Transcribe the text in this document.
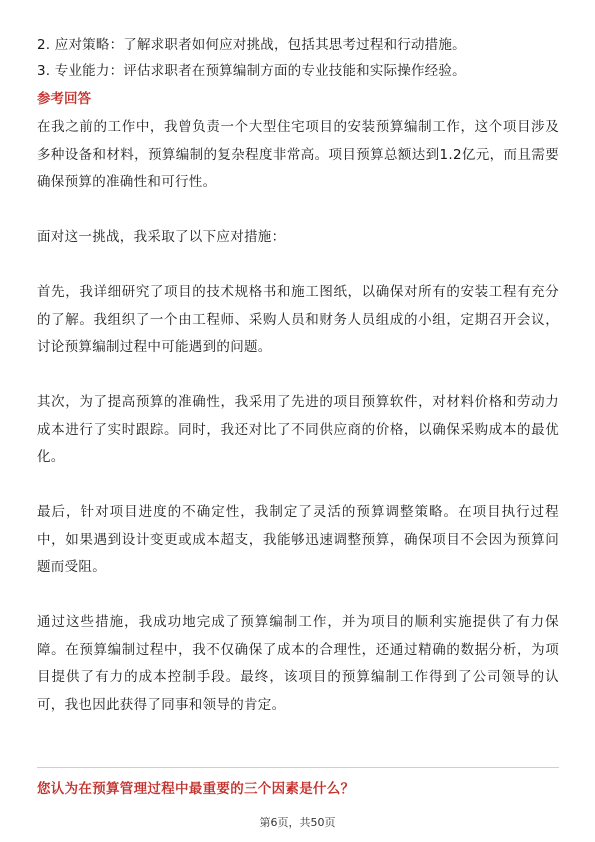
2. 应对策略：了解求职者如何应对挑战，包括其思考过程和行动措施。

3. 专业能力：评估求职者在预算编制方面的专业技能和实际操作经验。

参考回答

在我之前的工作中，我曾负责一个大型住宅项目的安装预算编制工作，这个项目涉及多种设备和材料，预算编制的复杂程度非常高。项目预算总额达到1.2亿元，而且需要确保预算的准确性和可行性。

面对这一挑战，我采取了以下应对措施：

首先，我详细研究了项目的技术规格书和施工图纸，以确保对所有的安装工程有充分的了解。我组织了一个由工程师、采购人员和财务人员组成的小组，定期召开会议，讨论预算编制过程中可能遇到的问题。

其次，为了提高预算的准确性，我采用了先进的项目预算软件，对材料价格和劳动力成本进行了实时跟踪。同时，我还对比了不同供应商的价格，以确保采购成本的最优化。

最后，针对项目进度的不确定性，我制定了灵活的预算调整策略。在项目执行过程中，如果遇到设计变更或成本超支，我能够迅速调整预算，确保项目不会因为预算问题而受阻。

通过这些措施，我成功地完成了预算编制工作，并为项目的顺利实施提供了有力保障。在预算编制过程中，我不仅确保了成本的合理性，还通过精确的数据分析，为项目提供了有力的成本控制手段。最终，该项目的预算编制工作得到了公司领导的认可，我也因此获得了同事和领导的肯定。

您认为在预算管理过程中最重要的三个因素是什么？
第6页，共50页
